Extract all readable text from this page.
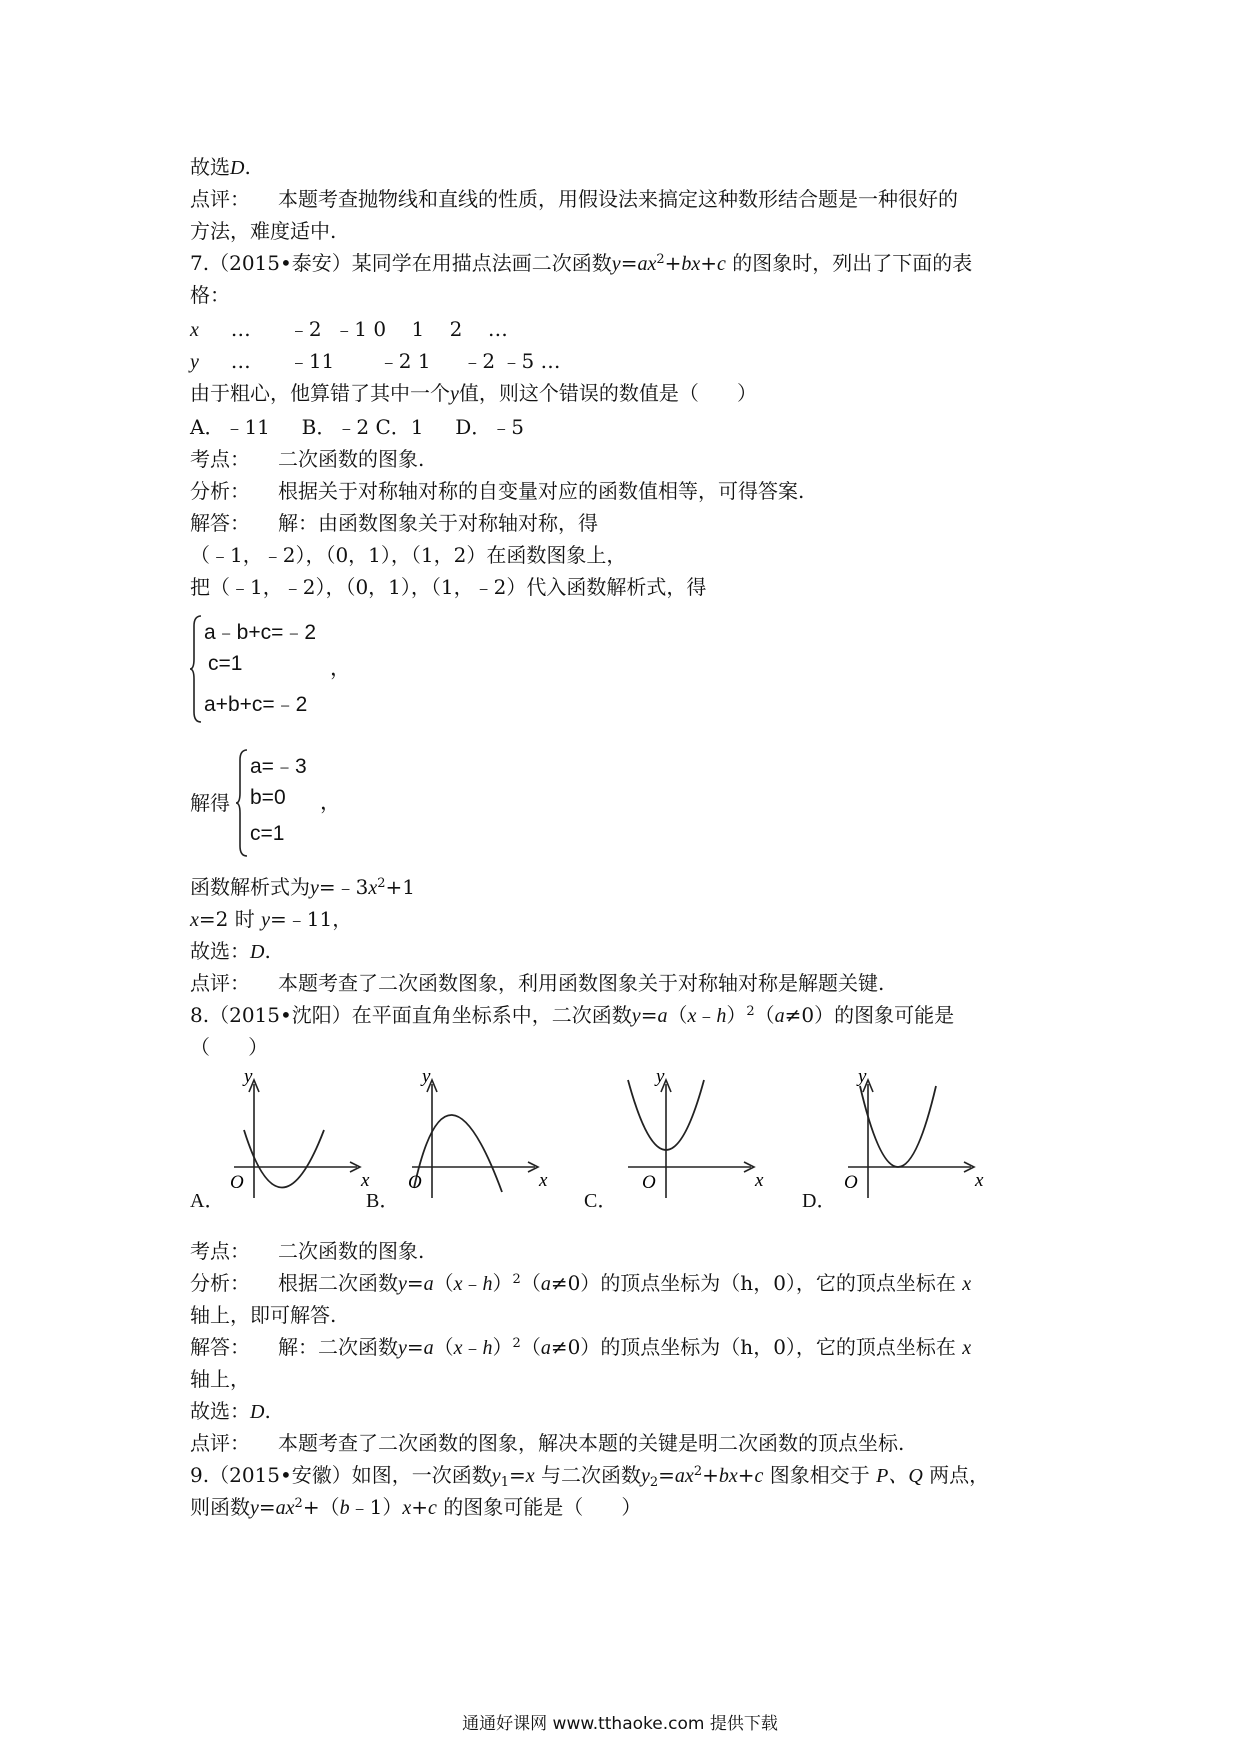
故选D.
点评： 本题考查抛物线和直线的性质，用假设法来搞定这种数形结合题是一种很好的
方法，难度适中.
7.（2015•泰安）某同学在用描点法画二次函数$y=ax^2+bx+c$ 的图象时，列出了下面的表
格：
x …      ﹣2  ﹣1 0    1    2    …
y …      ﹣11       ﹣2 1     ﹣2 ﹣5 …
由于粗心，他算错了其中一个y值，则这个错误的数值是（      ）
A．﹣11     B．﹣2 C．1     D．﹣5
考点： 二次函数的图象.
分析： 根据关于对称轴对称的自变量对应的函数值相等，可得答案.
解答： 解：由函数图象关于对称轴对称，得
（﹣1，﹣2），（0，1），（1，2）在函数图象上，
把（﹣1，﹣2），（0，1），（1，﹣2）代入函数解析式，得
a﹣b+c=﹣2
c=1
a+b+c=﹣2
，
解得
a=﹣3
b=0
c=1
，
函数解析式为$y=﹣3x^2+1$
x=2 时 y=﹣11，
故选：D.
点评： 本题考查了二次函数图象，利用函数图象关于对称轴对称是解题关键.
8.（2015•沈阳）在平面直角坐标系中，二次函数y=a（x﹣h）$^2$（a≠0）的图象可能是
（      ）
y
x
O
A．
y
x
O
B．
y
x
O
C．
y
x
O
D．
考点： 二次函数的图象.
分析： 根据二次函数y=a（x﹣h）$^2$（a≠0）的顶点坐标为（h，0），它的顶点坐标在 x
轴上，即可解答.
解答： 解：二次函数y=a（x﹣h）$^2$（a≠0）的顶点坐标为（h，0），它的顶点坐标在 x
轴上，
故选：D.
点评： 本题考查了二次函数的图象，解决本题的关键是明二次函数的顶点坐标.
9.（2015•安徽）如图，一次函数$y_1=x$ 与二次函数$y_2=ax^2+bx+c$ 图象相交于 P、Q 两点，
则函数$y=ax^2+(b﹣1)x+c$ 的图象可能是（      ）
通通好课网 www.tthaoke.com 提供下载
